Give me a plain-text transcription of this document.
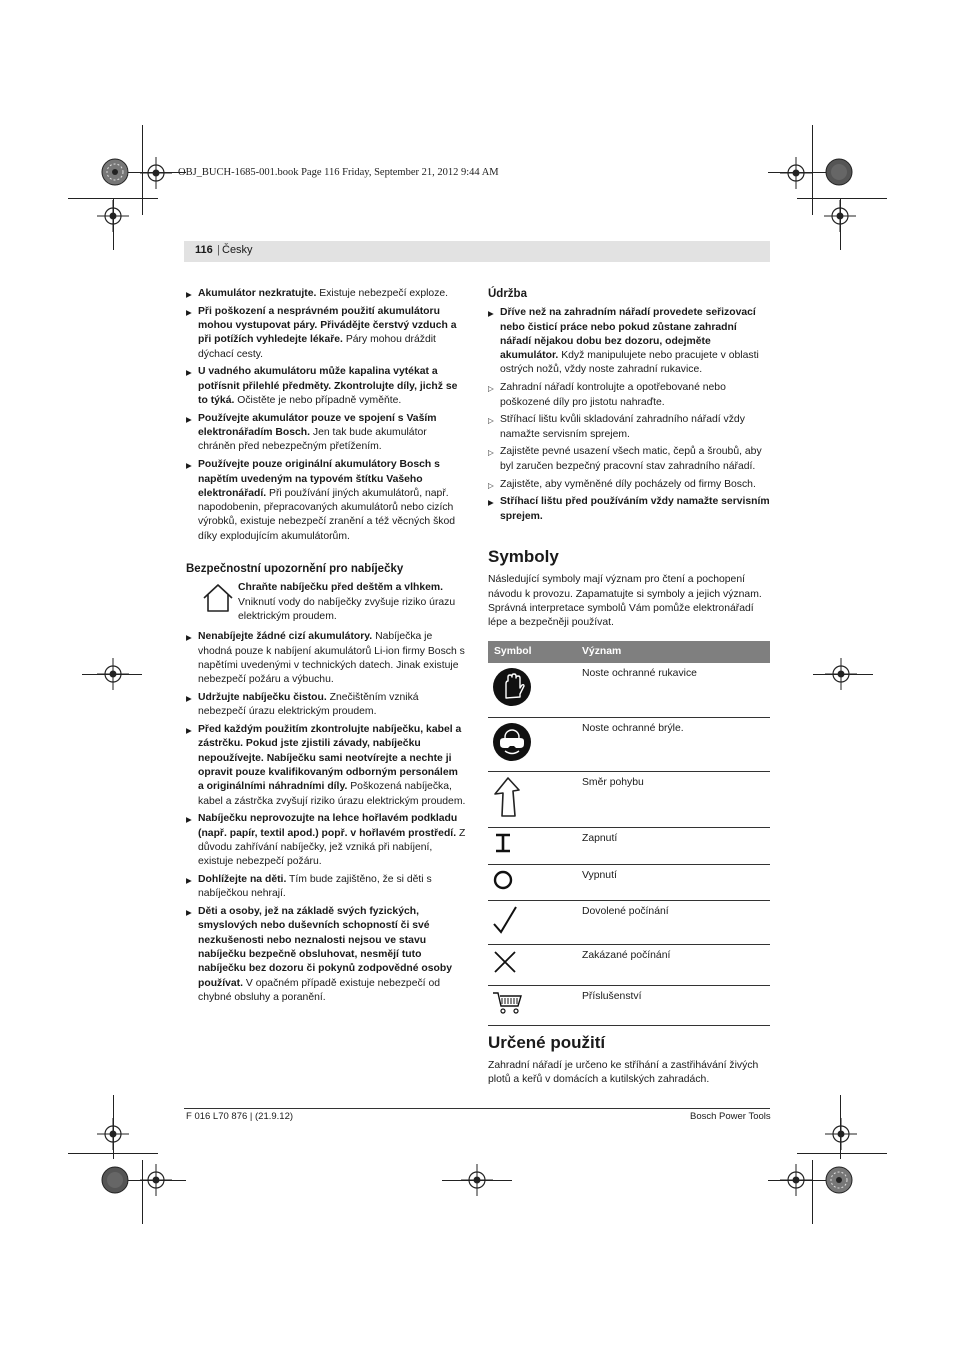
OBJ_BUCH-1685-001.book Page 116 Friday, September 21, 2012 9:44 AM
116 | Česky
▶ Akumulátor nezkratujte. Existuje nebezpečí exploze.
▶ Při poškození a nesprávném použití akumulátoru mohou vystupovat páry. Přivádějte čerstvý vzduch a při potížích vyhledejte lékaře. Páry mohou dráždit dýchací cesty.
▶ U vadného akumulátoru může kapalina vytékat a potřísnit přilehlé předměty. Zkontrolujte díly, jichž se to týká. Očistěte je nebo případně vyměňte.
▶ Používejte akumulátor pouze ve spojení s Vaším elektronářadím Bosch. Jen tak bude akumulátor chráněn před nebezpečným přetížením.
▶ Používejte pouze originální akumulátory Bosch s napětím uvedeným na typovém štítku Vašeho elektronářadí. Při používání jiných akumulátorů, např. napodobenin, přepracovaných akumulátorů nebo cizích výrobků, existuje nebezpečí zranění a též věcných škod díky explodujícím akumulátorům.
Bezpečnostní upozornění pro nabíječky
Chraňte nabíječku před deštěm a vlhkem. Vniknutí vody do nabíječky zvyšuje riziko úrazu elektrickým proudem.
▶ Nenabíjejte žádné cizí akumulátory. Nabíječka je vhodná pouze k nabíjení akumulátorů Li-ion firmy Bosch s napětími uvedenými v technických datech. Jinak existuje nebezpečí požáru a výbuchu.
▶ Udržujte nabíječku čistou. Znečištěním vzniká nebezpečí úrazu elektrickým proudem.
▶ Před každým použitím zkontrolujte nabíječku, kabel a zástrčku. Pokud jste zjistili závady, nabíječku nepoužívejte. Nabíječku sami neotvírejte a nechte ji opravit pouze kvalifikovaným odborným personálem a originálními náhradními díly. Poškozená nabíječka, kabel a zástrčka zvyšují riziko úrazu elektrickým proudem.
▶ Nabíječku neprovozujte na lehce hořlavém podkladu (např. papír, textil apod.) popř. v hořlavém prostředí. Z důvodu zahřívání nabíječky, jež vzniká při nabíjení, existuje nebezpečí požáru.
▶ Dohlížejte na děti. Tím bude zajištěno, že si děti s nabíječkou nehrají.
▶ Děti a osoby, jež na základě svých fyzických, smyslových nebo duševních schopností či své nezkušenosti nebo neznalosti nejsou ve stavu nabíječku bezpečně obsluhovat, nesmějí tuto nabíječku bez dozoru či pokynů zodpovědné osoby používat. V opačném případě existuje nebezpečí od chybné obsluhy a poranění.
Údržba
▶ Dříve než na zahradním nářadí provedete seřizovací nebo čisticí práce nebo pokud zůstane zahradní nářadí nějakou dobu bez dozoru, odejměte akumulátor. Když manipulujete nebo pracujete v oblasti ostrých nožů, vždy noste zahradní rukavice.
▷ Zahradní nářadí kontrolujte a opotřebované nebo poškozené díly pro jistotu nahraďte.
▷ Stříhací lištu kvůli skladování zahradního nářadí vždy namažte servisním sprejem.
▷ Zajistěte pevné usazení všech matic, čepů a šroubů, aby byl zaručen bezpečný pracovní stav zahradního nářadí.
▷ Zajistěte, aby vyměněné díly pocházely od firmy Bosch.
▶ Stříhací lištu před používáním vždy namažte servisním sprejem.
Symboly
Následující symboly mají význam pro čtení a pochopení návodu k provozu. Zapamatujte si symboly a jejich význam. Správná interpretace symbolů Vám pomůže elektronářadí lépe a bezpečněji používat.
Symbol	Význam
	Noste ochranné rukavice
	Noste ochranné brýle.
	Směr pohybu
	Zapnutí
	Vypnutí
	Dovolené počínání
	Zakázané počínání
	Příslušenství
Určené použití
Zahradní nářadí je určeno ke stříhání a zastřihávání živých plotů a keřů v domácích a kutilských zahradách.
F 016 L70 876 | (21.9.12)	Bosch Power Tools
